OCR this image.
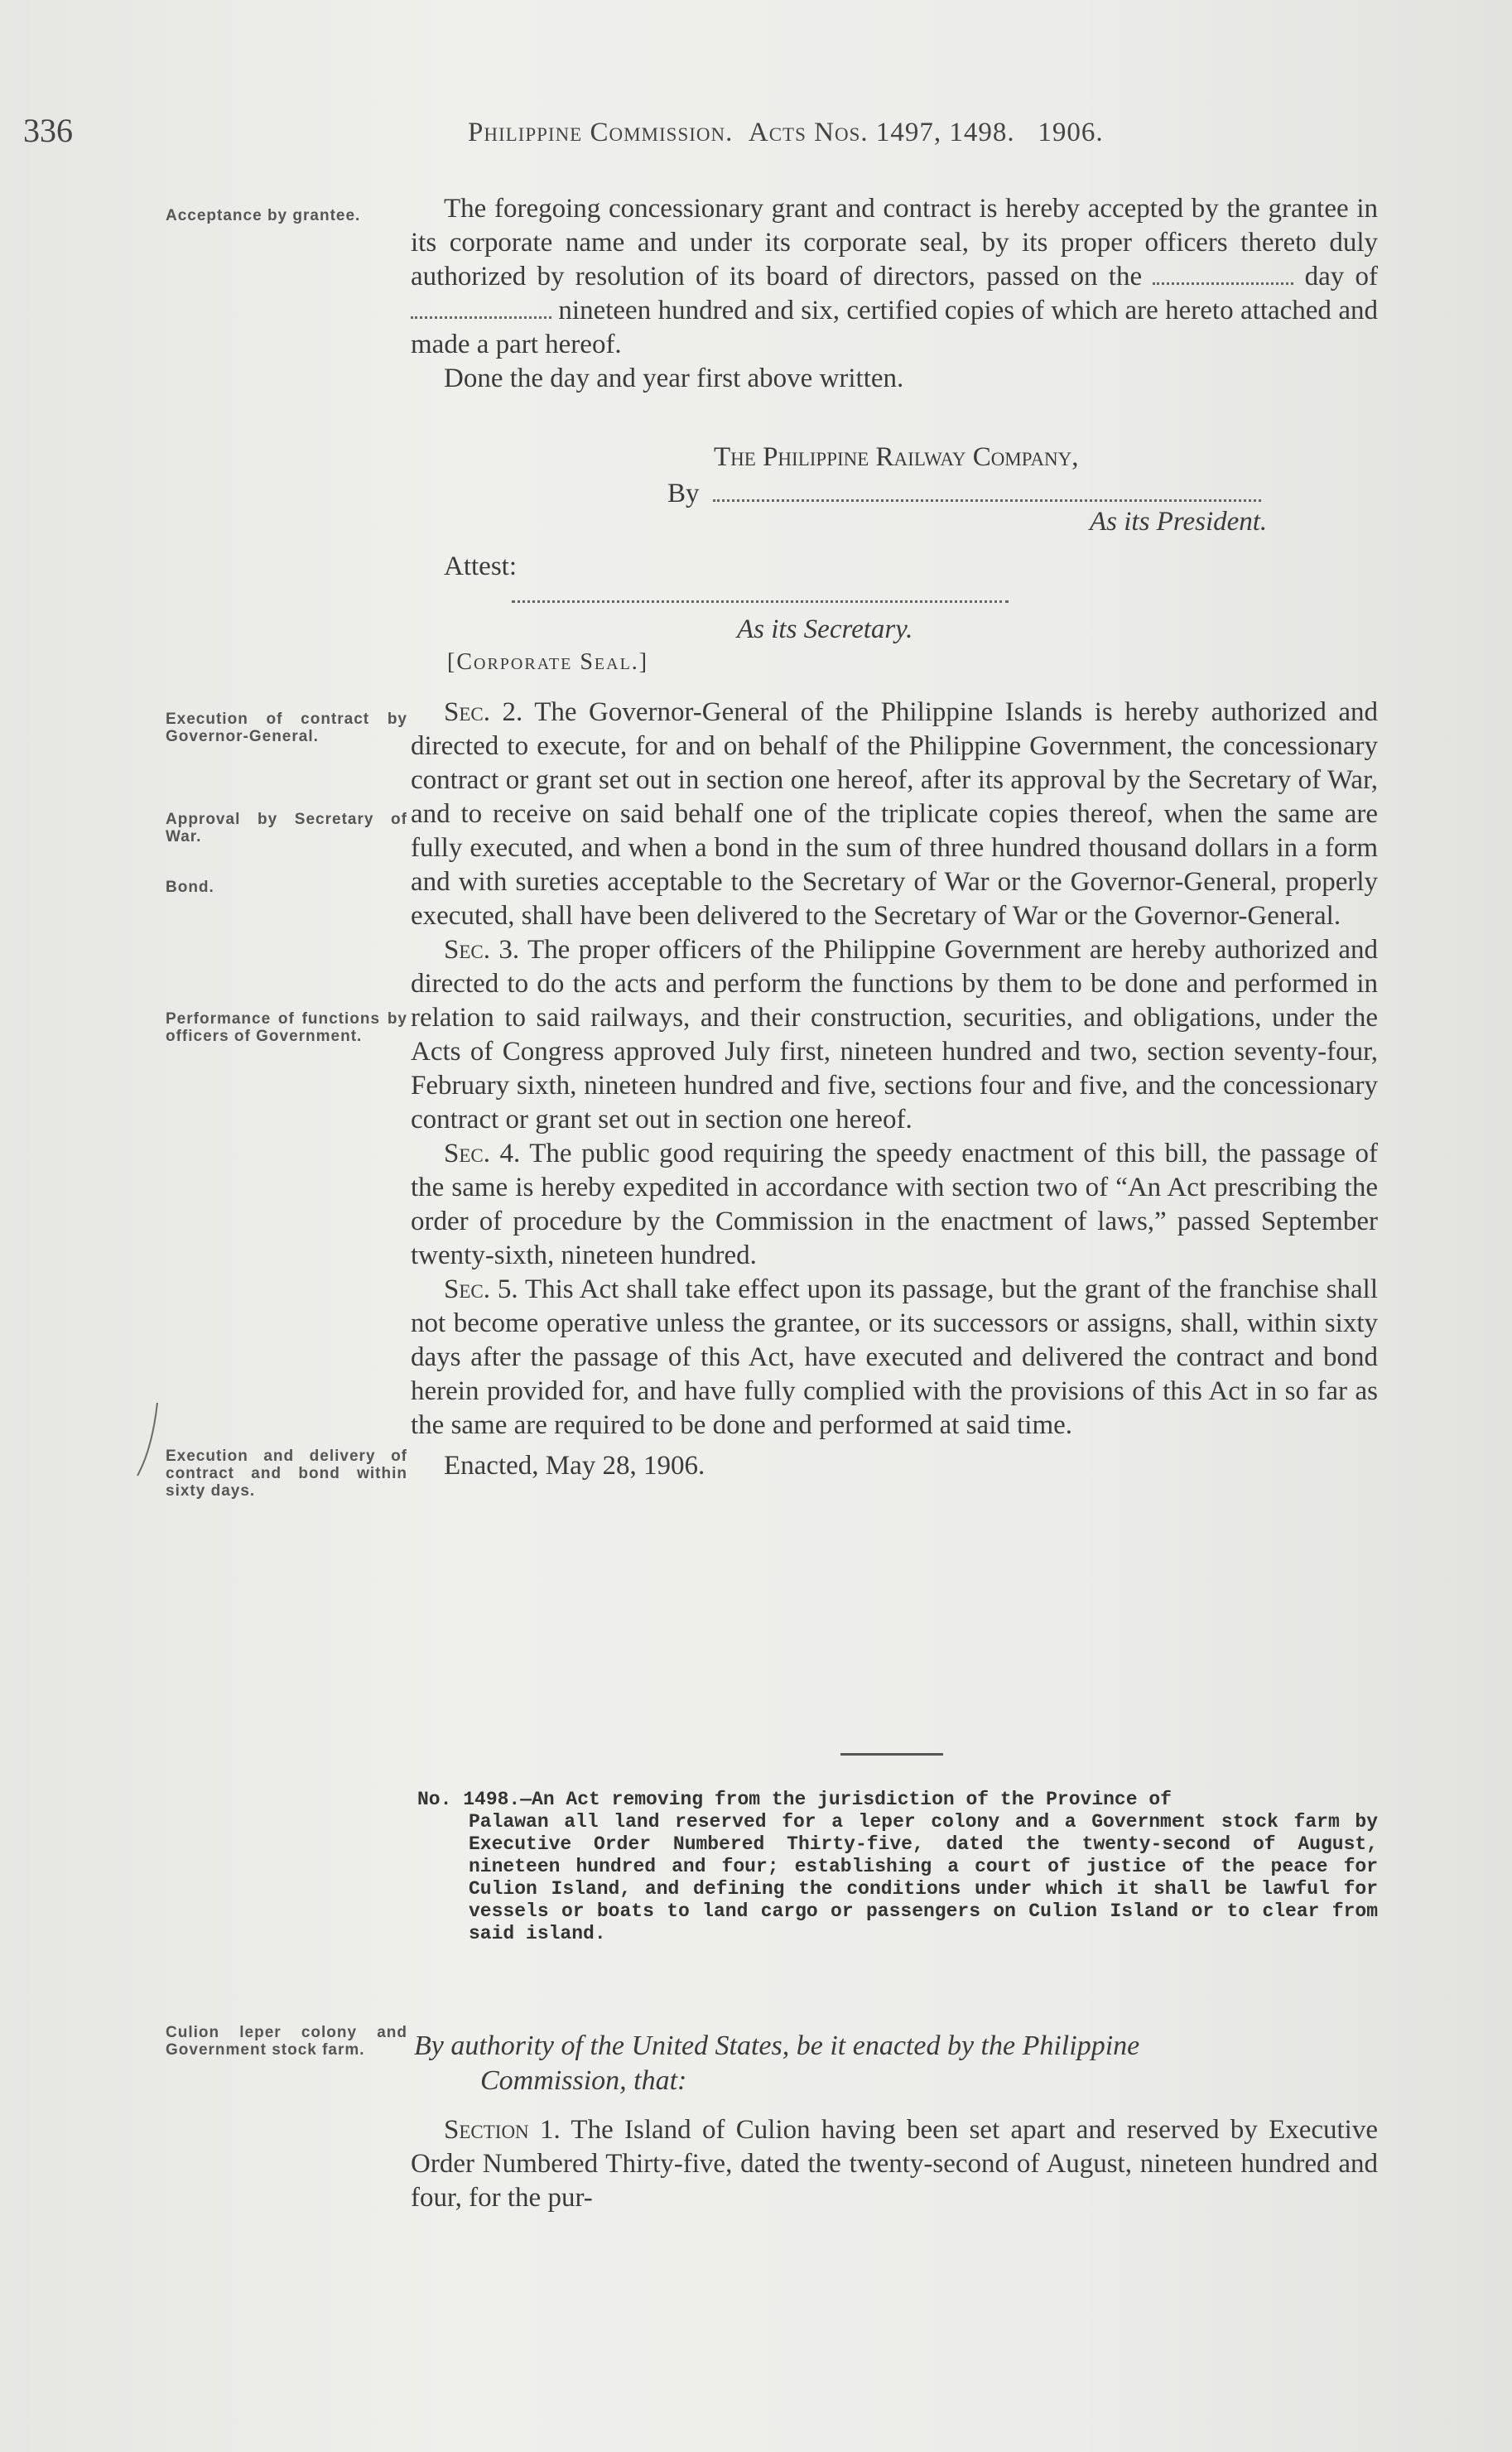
336	Philippine Commission. Acts Nos. 1497, 1498. 1906.
Acceptance by grantee.
Execution of contract by Governor-General.
Approval by Secretary of War.
Bond.
Performance of functions by officers of Government.
Execution and delivery of contract and bond within sixty days.
Culion leper colony and Government stock farm.

The foregoing concessionary grant and contract is hereby accepted by the grantee in its corporate name and under its corporate seal, by its proper officers thereto duly authorized by resolution of its board of directors, passed on the	day of  nineteen hundred and six, certified copies of which are hereto attached and made a part hereof.

Done the day and year first above written.

The Philippine Railway Company,
By
As its President.
Attest:
As its Secretary.
[Corporate Seal.]

Sec. 2. The Governor-General of the Philippine Islands is hereby authorized and directed to execute, for and on behalf of the Philippine Government, the concessionary contract or grant set out in section one hereof, after its approval by the Secretary of War, and to receive on said behalf one of the triplicate copies thereof, when the same are fully executed, and when a bond in the sum of three hundred thousand dollars in a form and with sureties acceptable to the Secretary of War or the Governor-General, properly executed, shall have been delivered to the Secretary of War or the Governor-General.

Sec. 3. The proper officers of the Philippine Government are hereby authorized and directed to do the acts and perform the functions by them to be done and performed in relation to said railways, and their construction, securities, and obligations, under the Acts of Congress approved July first, nineteen hundred and two, section seventy-four, February sixth, nineteen hundred and five, sections four and five, and the concessionary contract or grant set out in section one hereof.

Sec. 4. The public good requiring the speedy enactment of this bill, the passage of the same is hereby expedited in accordance with section two of “An Act prescribing the order of procedure by the Commission in the enactment of laws,” passed September twenty-sixth, nineteen hundred.

Sec. 5. This Act shall take effect upon its passage, but the grant of the franchise shall not become operative unless the grantee, or its successors or assigns, shall, within sixty days after the passage of this Act, have executed and delivered the contract and bond herein provided for, and have fully complied with the provisions of this Act in so far as the same are required to be done and performed at said time.

Enacted, May 28, 1906.

No. 1498.—An Act removing from the jurisdiction of the Province of
Palawan all land reserved for a leper colony and a Government stock farm by Executive Order Numbered Thirty-five, dated the twenty-second of August, nineteen hundred and four; establishing a court of justice of the peace for Culion Island, and defining the conditions under which it shall be lawful for vessels or boats to land cargo or passengers on Culion Island or to clear from said island.
By authority of the United States, be it enacted by the Philippine
Commission, that:

Section 1. The Island of Culion having been set apart and reserved by Executive Order Numbered Thirty-five, dated the twenty-second of August, nineteen hundred and four, for the pur-
